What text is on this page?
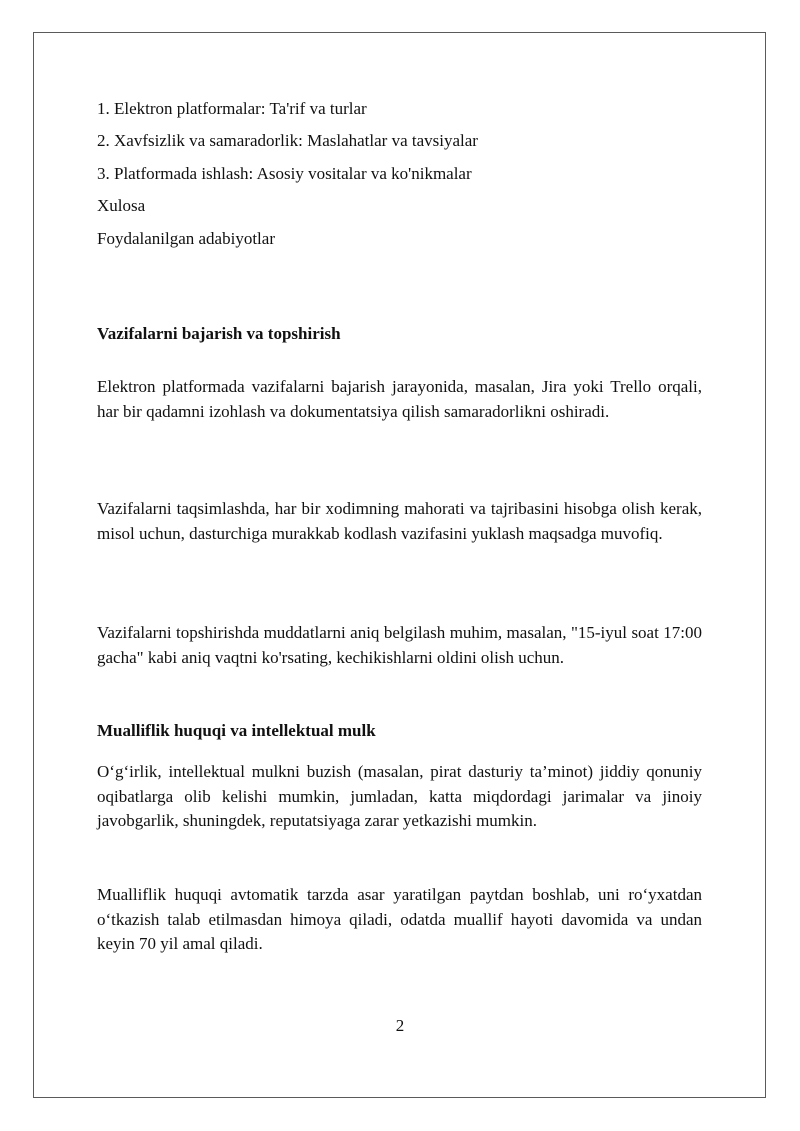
1. Elektron platformalar: Ta'rif va turlar
2. Xavfsizlik va samaradorlik: Maslahatlar va tavsiyalar
3. Platformada ishlash: Asosiy vositalar va ko'nikmalar
Xulosa
Foydalanilgan adabiyotlar
Vazifalarni bajarish va topshirish
Elektron platformada vazifalarni bajarish jarayonida, masalan, Jira yoki Trello orqali, har bir qadamni izohlash va dokumentatsiya qilish samaradorlikni oshiradi.
Vazifalarni taqsimlashda, har bir xodimning mahorati va tajribasini hisobga olish kerak, misol uchun, dasturchiga murakkab kodlash vazifasini yuklash maqsadga muvofiq.
Vazifalarni topshirishda muddatlarni aniq belgilash muhim, masalan, "15-iyul soat 17:00 gacha" kabi aniq vaqtni ko'rsating, kechikishlarni oldini olish uchun.
Mualliflik huquqi va intellektual mulk
O‘g‘irlik, intellektual mulkni buzish (masalan, pirat dasturiy ta’minot) jiddiy qonuniy oqibatlarga olib kelishi mumkin, jumladan, katta miqdordagi jarimalar va jinoiy javobgarlik, shuningdek, reputatsiyaga zarar yetkazishi mumkin.
Mualliflik huquqi avtomatik tarzda asar yaratilgan paytdan boshlab, uni ro‘yxatdan o‘tkazish talab etilmasdan himoya qiladi, odatda muallif hayoti davomida va undan keyin 70 yil amal qiladi.
2
